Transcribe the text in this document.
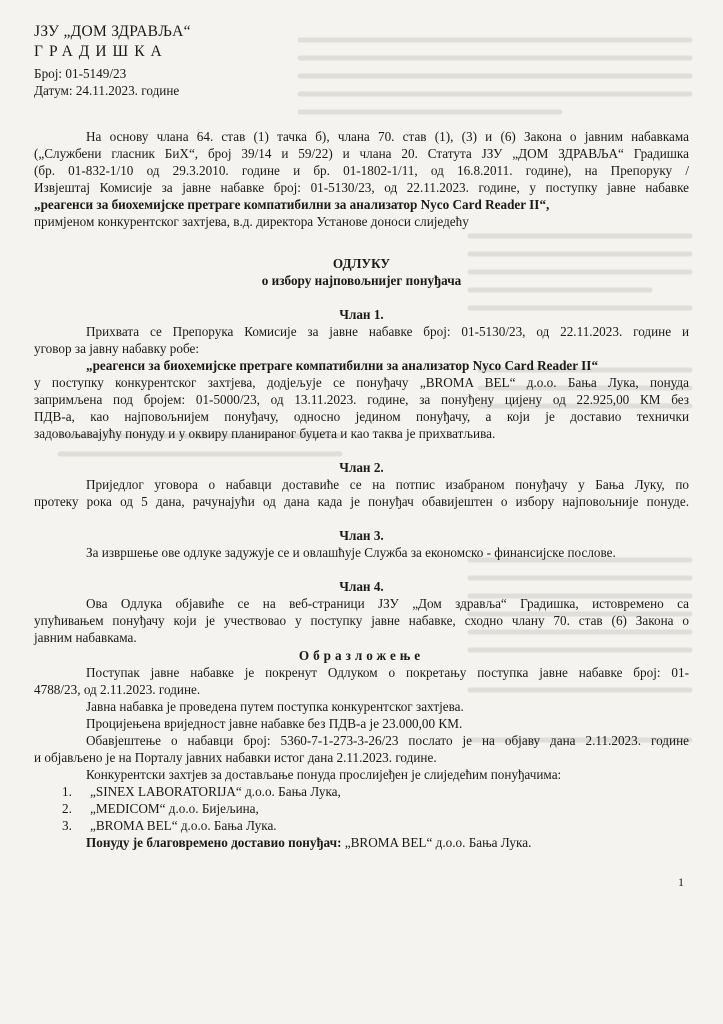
ЈЗУ „ДОМ ЗДРАВЉА“
ГРАДИШКА
Број: 01-5149/23
Датум: 24.11.2023. године
На основу члана 64. став (1) тачка б), члана 70. став (1), (3) и (6) Закона о јавним набавкама
(„Службени гласник БиХ“, број 39/14 и 59/22) и члана 20. Статута ЈЗУ „ДОМ ЗДРАВЉА“ Градишка
(бр. 01-832-1/10 од 29.3.2010. године и бр. 01-1802-1/11, од 16.8.2011. године), на Препоруку /
Извјештај Комисије за јавне набавке број: 01-5130/23, од 22.11.2023. године, у поступку јавне набавке
„реагенси за биохемијске претраге компатибилни за анализатор Nyco Card Reader II“,
примјеном конкурентског захтјева, в.д. директора Установе доноси слиједећу
ОДЛУКУ
о избору најповољнијег понуђача
Члан 1.
Прихвата се Препорука Комисије за јавне набавке број: 01-5130/23, од 22.11.2023. године и
уговор за јавну набавку робе:
„реагенси за биохемијске претраге компатибилни за анализатор Nyco Card Reader II“
у поступку конкурентског захтјева, додјељује се понуђачу „BROMA BEL“ д.о.о. Бања Лука, понуда
запримљена под бројем: 01-5000/23, од 13.11.2023. године, за понуђену цијену од 22.925,00 КМ без
ПДВ-а, као најповољнијем понуђачу, односно једином понуђачу, а који је доставио технички
задовољавајућу понуду и у оквиру планираног буџета и као таква је прихватљива.
Члан 2.
Приједлог уговора о набавци доставиће се на потпис изабраном понуђачу у Бања Луку, по
протеку рока од 5 дана, рачунајући од дана када је понуђач обавијештен о избору најповољније понуде.
Члан 3.
За извршење ове одлуке задужује се и овлашћује Служба за економско - финансијске послове.
Члан 4.
Ова Одлука објавиће се на веб-страници ЈЗУ „Дом здравља“ Градишка, истовремено са
упућивањем понуђачу који је учествовао у поступку јавне набавке, сходно члану 70. став (6) Закона о
јавним набавкама.
Образложење
Поступак јавне набавке је покренут Одлуком о покретању поступка јавне набавке број: 01-
4788/23, од 2.11.2023. године.
Јавна набавка је проведена путем поступка конкурентског захтјева.
Процијењена вриједност јавне набавке без ПДВ-а је 23.000,00 КМ.
Обавјештење о набавци број: 5360-7-1-273-3-26/23 послато је на објаву дана 2.11.2023. године
и објављено је на Порталу јавних набавки истог дана 2.11.2023. године.
Конкурентски захтјев за достављање понуда прослијеђен је слиједећим понуђачима:
1. „SINEX LABORATORIJA“ д.о.о. Бања Лука,
2. „MEDICOM“ д.о.о. Бијељина,
3. „BROMA BEL“ д.о.о. Бања Лука.
Понуду је благовремено доставио понуђач: „BROMA BEL“ д.о.о. Бања Лука.
1
